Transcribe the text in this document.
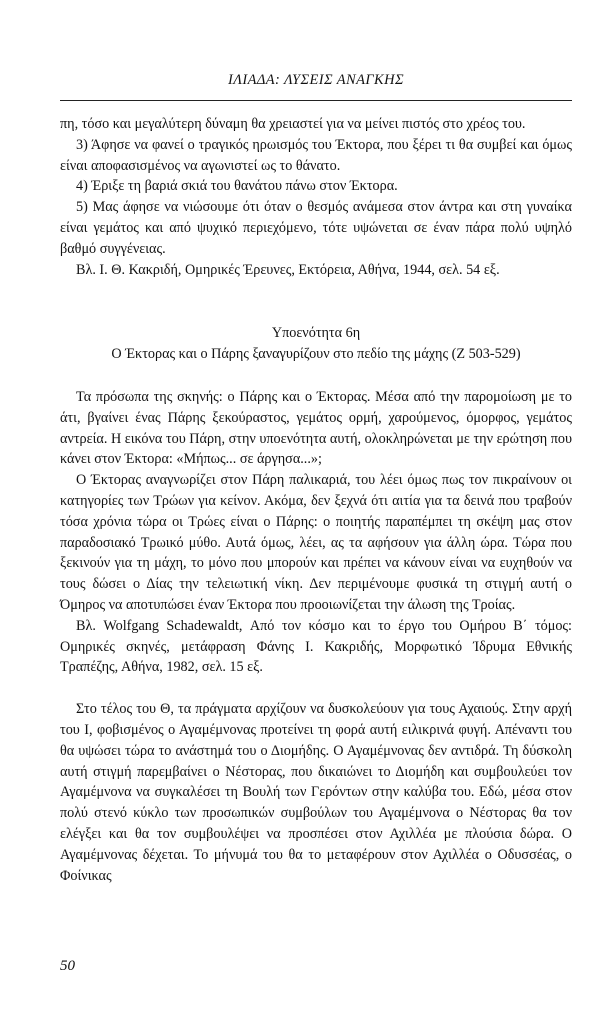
ΙΛΙΑΔΑ: ΛΥΣΕΙΣ ΑΝΑΓΚΗΣ

πη, τόσο και μεγαλύτερη δύναμη θα χρειαστεί για να μείνει πιστός στο χρέος του.

3) Άφησε να φανεί ο τραγικός ηρωισμός του Έκτορα, που ξέρει τι θα συμβεί και όμως είναι αποφασισμένος να αγωνιστεί ως το θάνατο.

4) Έριξε τη βαριά σκιά του θανάτου πάνω στον Έκτορα.

5) Μας άφησε να νιώσουμε ότι όταν ο θεσμός ανάμεσα στον άντρα και στη γυναίκα είναι γεμάτος και από ψυχικό περιεχόμενο, τότε υψώνεται σε έναν πάρα πολύ υψηλό βαθμό συγγένειας.

Βλ. Ι. Θ. Κακριδή, Ομηρικές Έρευνες, Εκτόρεια, Αθήνα, 1944, σελ. 54 εξ.

Υποενότητα 6η

Ο Έκτορας και ο Πάρης ξαναγυρίζουν στο πεδίο της μάχης (Ζ 503-529)

Τα πρόσωπα της σκηνής: ο Πάρης και ο Έκτορας. Μέσα από την παρομοίωση με το άτι, βγαίνει ένας Πάρης ξεκούραστος, γεμάτος ορμή, χαρούμενος, όμορφος, γεμάτος αντρεία. Η εικόνα του Πάρη, στην υποενότητα αυτή, ολοκληρώνεται με την ερώτηση που κάνει στον Έκτορα: «Μήπως... σε άργησα...»;

Ο Έκτορας αναγνωρίζει στον Πάρη παλικαριά, του λέει όμως πως τον πικραίνουν οι κατηγορίες των Τρώων για κείνον. Ακόμα, δεν ξεχνά ότι αιτία για τα δεινά που τραβούν τόσα χρόνια τώρα οι Τρώες είναι ο Πάρης: ο ποιητής παραπέμπει τη σκέψη μας στον παραδοσιακό Τρωικό μύθο. Αυτά όμως, λέει, ας τα αφήσουν για άλλη ώρα. Τώρα που ξεκινούν για τη μάχη, το μόνο που μπορούν και πρέπει να κάνουν είναι να ευχηθούν να τους δώσει ο Δίας την τελειωτική νίκη. Δεν περιμένουμε φυσικά τη στιγμή αυτή ο Όμηρος να αποτυπώσει έναν Έκτορα που προοιωνίζεται την άλωση της Τροίας.

Βλ. Wolfgang Schadewaldt, Από τον κόσμο και το έργο του Ομήρου Β΄ τόμος: Ομηρικές σκηνές, μετάφραση Φάνης Ι. Κακριδής, Μορφωτικό Ίδρυμα Εθνικής Τραπέζης, Αθήνα, 1982, σελ. 15 εξ.

Στο τέλος του Θ, τα πράγματα αρχίζουν να δυσκολεύουν για τους Αχαιούς. Στην αρχή του Ι, φοβισμένος ο Αγαμέμνονας προτείνει τη φορά αυτή ειλικρινά φυγή. Απέναντι του θα υψώσει τώρα το ανάστημά του ο Διομήδης. Ο Αγαμέμνονας δεν αντιδρά. Τη δύσκολη αυτή στιγμή παρεμβαίνει ο Νέστορας, που δικαιώνει το Διομήδη και συμβουλεύει τον Αγαμέμνονα να συγκαλέσει τη Βουλή των Γερόντων στην καλύβα του. Εδώ, μέσα στον πολύ στενό κύκλο των προσωπικών συμβούλων του Αγαμέμνονα ο Νέστορας θα τον ελέγξει και θα τον συμβουλέψει να προσπέσει στον Αχιλλέα με πλούσια δώρα. Ο Αγαμέμνονας δέχεται. Το μήνυμά του θα το μεταφέρουν στον Αχιλλέα ο Οδυσσέας, ο Φοίνικας

50
